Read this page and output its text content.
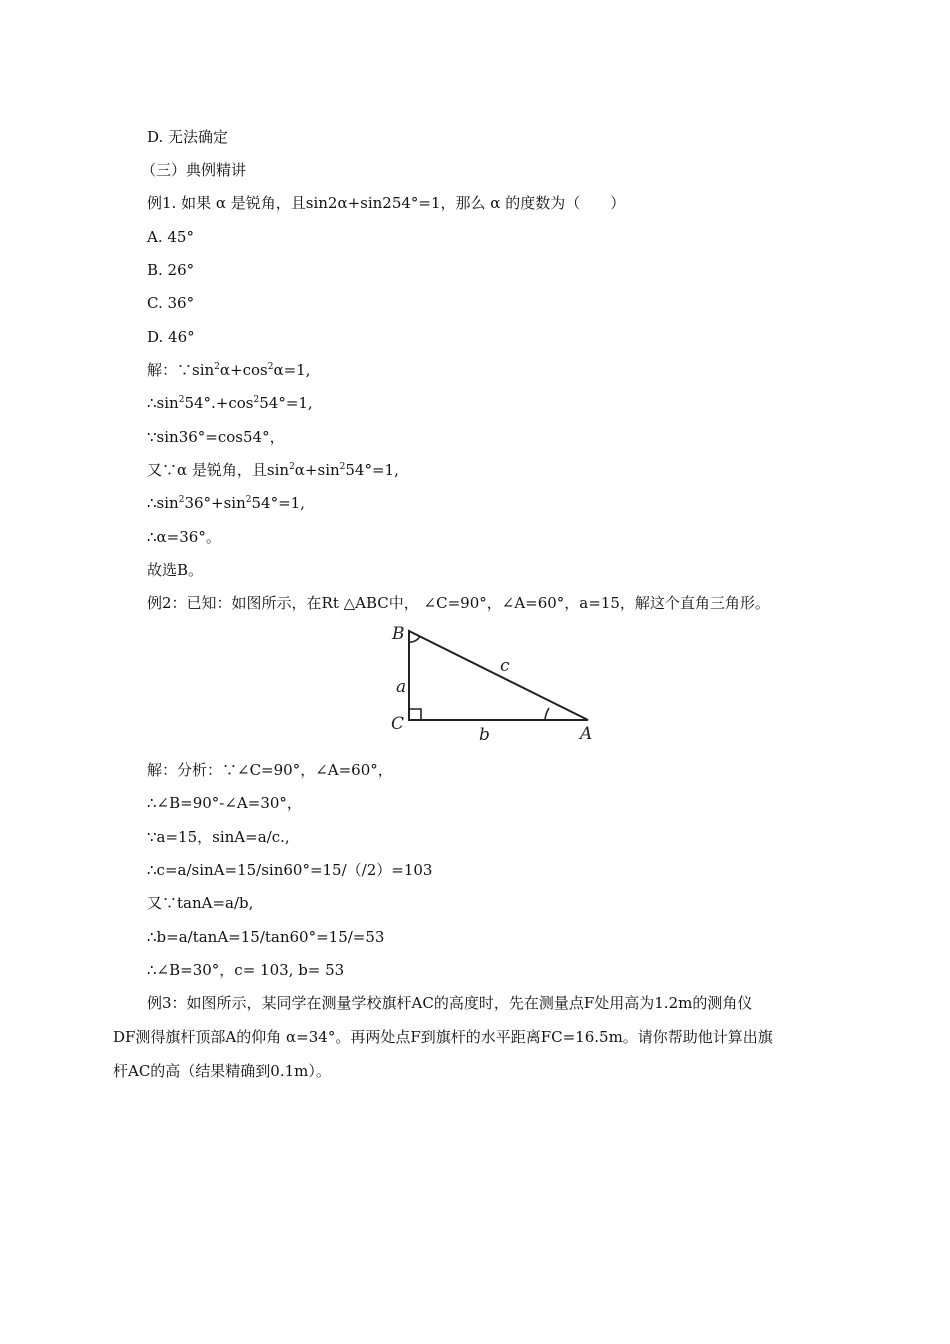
D. 无法确定
（三）典例精讲
例1. 如果 α 是锐角，且sin2α+sin254°=1，那么 α 的度数为（　　）
A. 45°
B. 26°
C. 36°
D. 46°
解：$\because\sin^2\alpha+\cos^2\alpha=1$,
$\therefore\sin^254^\circ.+\cos^254^\circ=1$,
∵sin36°=cos54°，
又∵α 是锐角，且$\sin^2\alpha+\sin^254^\circ=1$,
$\therefore\sin^236^\circ+\sin^254^\circ=1$,
∴α=36°。
故选B。
例2：已知：如图所示，在Rt △ABC中， ∠C=90°，∠A=60°，a=15，解这个直角三角形。
B
C	A
a
b
c
解：分析：∵∠C=90°，∠A=60°，
∴∠B=90°-∠A=30°，
∵a=15，sinA=a/c.,
∴c=a/sinA=15/sin60°=15/（/2）=103
又∵tanA=a/b,
∴b=a/tanA=15/tan60°=15/=53
∴∠B=30°，c= 103, b= 53
例3：如图所示，某同学在测量学校旗杆AC的高度时，先在测量点F处用高为1.2m的测角仪
DF测得旗杆顶部A的仰角 α=34°。再两处点F到旗杆的水平距离FC=16.5m。请你帮助他计算出旗
杆AC的高（结果精确到0.1m）。
